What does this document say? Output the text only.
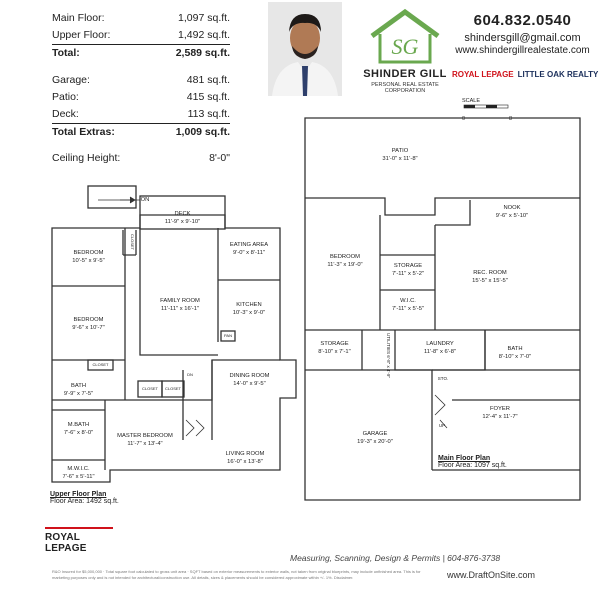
Main Floor:	1,097 sq.ft.
Upper Floor:	1,492 sq.ft.
Total:	2,589 sq.ft.
Garage:	481 sq.ft.
Patio:	415 sq.ft.
Deck:	113 sq.ft.
Total Extras:	1,009 sq.ft.
Ceiling Height:	8'-0"
SG
SHINDER GILL
PERSONAL REAL ESTATE CORPORATION
604.832.0540
shindersgill@gmail.com
www.shindergillrealestate.com
ROYAL LEPAGE LITTLE OAK REALTY
SCALE
0	8
DECK
11'-9" x 9'-10"
ON
EATING AREA
9'-0" x 8'-11"
BEDROOM
10'-5" x 9'-5"
CLOSET
FAMILY ROOM
11'-11" x 16'-1"
KITCHEN
10'-3" x 9'-0"
BEDROOM
9'-6" x 10'-7"
PAN
CLOSET
DINING ROOM
14'-0" x 9'-5"
BATH
9'-9" x 7'-5"
CLOSET	CLOSET
DN
M.BATH
7'-6" x 8'-0"	MASTER BEDROOM
11'-7" x 13'-4"
LIVING ROOM
16'-0" x 13'-8"
M.W.I.C.
7'-6" x 5'-11"
PATIO
31'-0" x 11'-8"
NOOK
9'-6" x 5'-10"
BEDROOM
11'-3" x 19'-0"	STORAGE
7'-11" x 5'-2"	REC. ROOM
15'-5" x 15'-5"
W.I.C.
7'-11" x 5'-5"
STORAGE
8'-10" x 7'-1"	UTILITIES 6'-8" x 4'-9"
LAUNDRY
11'-8" x 6'-8"	BATH
8'-10" x 7'-0"
STO.
FOYER
12'-4" x 11'-7"
UP
GARAGE
19'-3" x 20'-0"
Upper Floor Plan
Floor Area: 1492 sq.ft.
Main Floor Plan
Floor Area: 1097 sq.ft.
ROYAL LEPAGE
Measuring, Scanning, Design & Permits | 604-876-3738
www.DraftOnSite.com
R&O Insured for $5,000,000 · Total square foot calculated to gross unit area · SQFT based on exterior measurements to exterior walls, not taken from original blueprints, may include unfinished area. This is for marketing purposes only and is not intended for architectural/construction use. All details, sizes & placements should be considered approximate within +/- 1%. Disclaimer.
